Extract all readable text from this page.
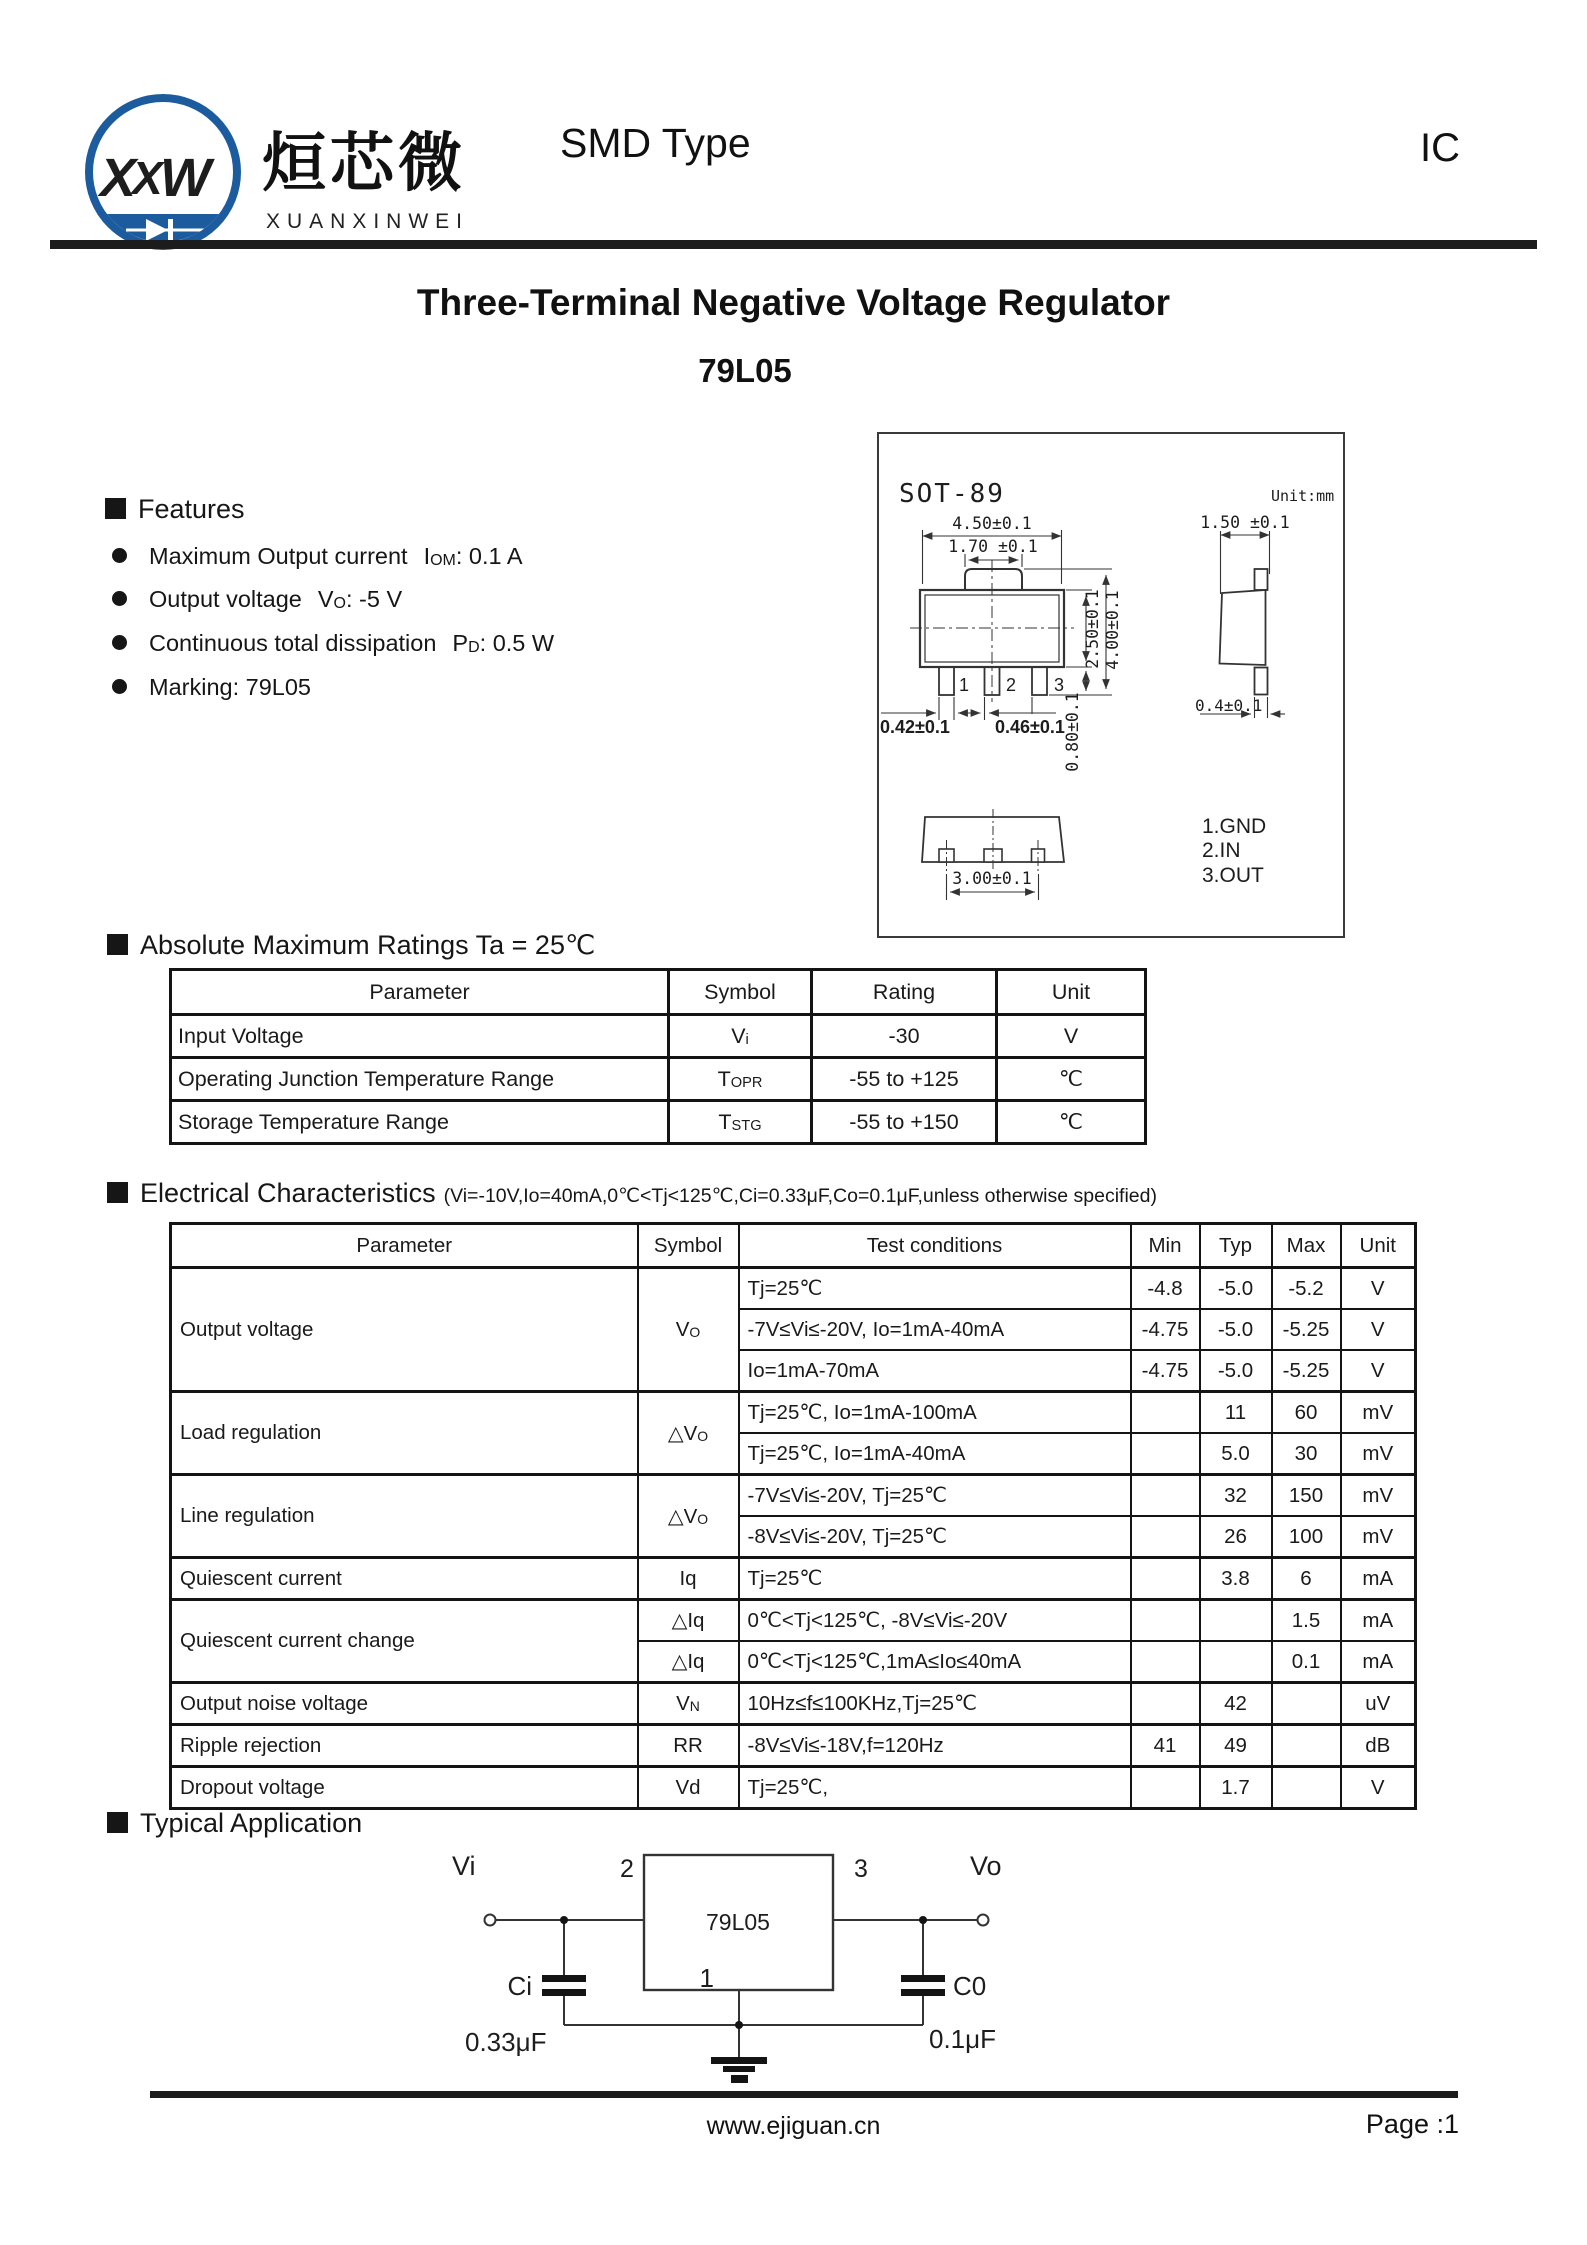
X
X
W 烜芯微
XUANXINWEI
SMD Type	IC
Three-Terminal Negative Voltage Regulator
79L05
Features
Maximum Output current IOM: 0.1 A
Output voltage VO: -5 V
Continuous total dissipation PD: 0.5 W
Marking: 79L05
SOT-89	Unit:mm
1 2 3
4.50±0.1
1.70 ±0.1
2.50±0.1 4.00±0.1
0.80±0.1
0.42±0.1	0.46±0.1
1.50 ±0.1
0.4±0.1
3.00±0.1
1.GND
2.IN
3.OUT
Absolute Maximum Ratings Ta = 25℃
Parameter	Symbol	Rating	Unit
Input Voltage	Vi	-30	V
Operating Junction Temperature Range	TOPR	-55 to +125	℃
Storage Temperature Range	TSTG	-55 to +150	℃
Electrical Characteristics (Vi=-10V,Io=40mA,0℃<Tj<125℃,Ci=0.33μF,Co=0.1μF,unless otherwise specified)
Parameter	Symbol	Test conditions	Min	Typ	Max	Unit
Output voltage	VO	Tj=25℃	-4.8	-5.0	-5.2	V
		-7V≤Vi≤-20V, Io=1mA-40mA	-4.75	-5.0	-5.25	V
		Io=1mA-70mA	-4.75	-5.0	-5.25	V
Load regulation	△VO	Tj=25℃, Io=1mA-100mA		11	60	mV
		Tj=25℃, Io=1mA-40mA		5.0	30	mV
Line regulation	△VO	-7V≤Vi≤-20V, Tj=25℃		32	150	mV
		-8V≤Vi≤-20V, Tj=25℃		26	100	mV
Quiescent current	Iq	Tj=25℃		3.8	6	mA
Quiescent current change	△Iq	0℃<Tj<125℃, -8V≤Vi≤-20V			1.5	mA
	△Iq	0℃<Tj<125℃,1mA≤Io≤40mA			0.1	mA
Output noise voltage	VN	10Hz≤f≤100KHz,Tj=25℃		42		uV
Ripple rejection	RR	-8V≤Vi≤-18V,f=120Hz	41	49		dB
Dropout voltage	Vd	Tj=25℃,		1.7		V
Typical Application
Vi	2	3	Vo
79L05
1
Ci	C0
0.33μF	0.1μF
www.ejiguan.cn	Page :1
